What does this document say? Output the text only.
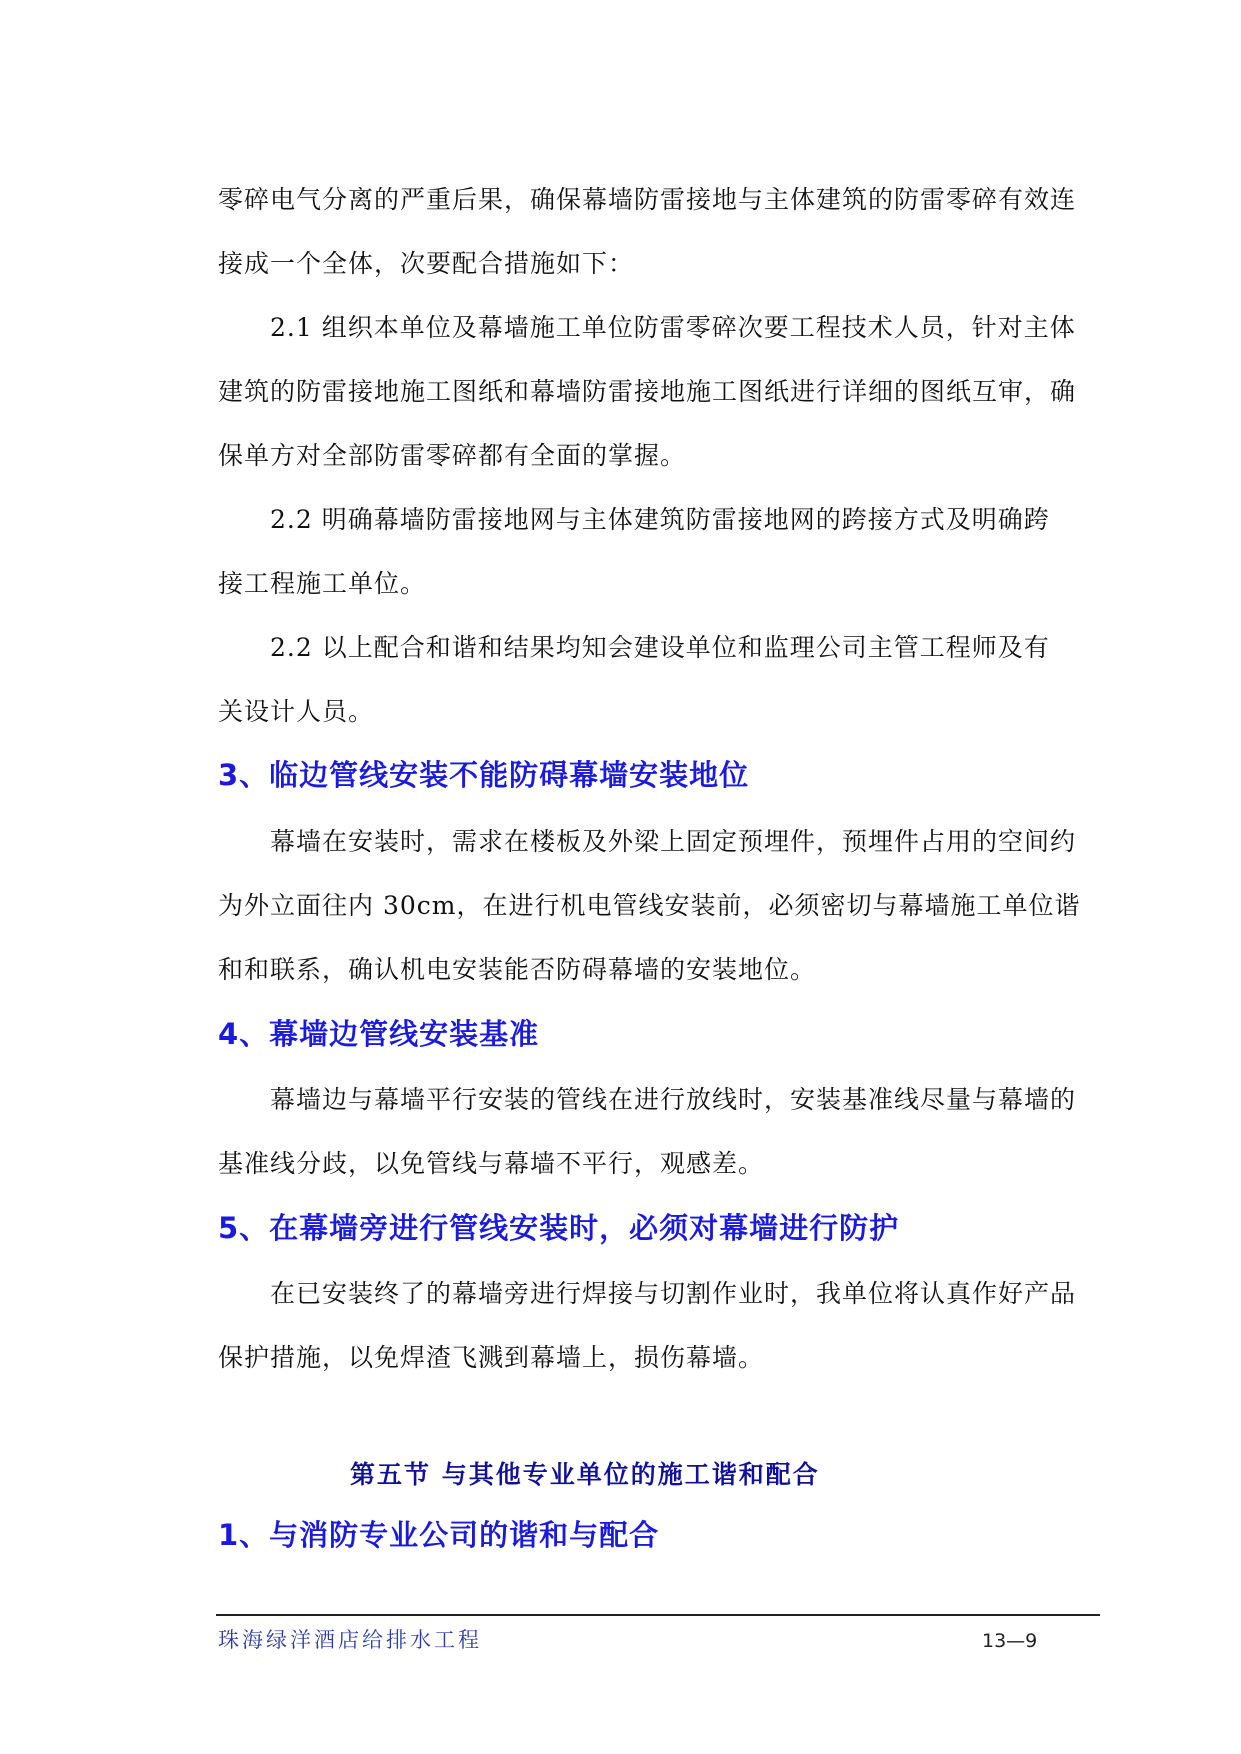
零碎电气分离的严重后果，确保幕墙防雷接地与主体建筑的防雷零碎有效连
接成一个全体，次要配合措施如下：
2.1 组织本单位及幕墙施工单位防雷零碎次要工程技术人员，针对主体
建筑的防雷接地施工图纸和幕墙防雷接地施工图纸进行详细的图纸互审，确
保单方对全部防雷零碎都有全面的掌握。
2.2 明确幕墙防雷接地网与主体建筑防雷接地网的跨接方式及明确跨
接工程施工单位。
2.2 以上配合和谐和结果均知会建设单位和监理公司主管工程师及有
关设计人员。
3、临边管线安装不能防碍幕墙安装地位
幕墙在安装时，需求在楼板及外梁上固定预埋件，预埋件占用的空间约
为外立面往内 30cm，在进行机电管线安装前，必须密切与幕墙施工单位谐
和和联系，确认机电安装能否防碍幕墙的安装地位。
4、幕墙边管线安装基准
幕墙边与幕墙平行安装的管线在进行放线时，安装基准线尽量与幕墙的
基准线分歧，以免管线与幕墙不平行，观感差。
5、在幕墙旁进行管线安装时，必须对幕墙进行防护
在已安装终了的幕墙旁进行焊接与切割作业时，我单位将认真作好产品
保护措施，以免焊渣飞溅到幕墙上，损伤幕墙。
第五节 与其他专业单位的施工谐和配合
1、与消防专业公司的谐和与配合
珠海绿洋酒店给排水工程	13—9
